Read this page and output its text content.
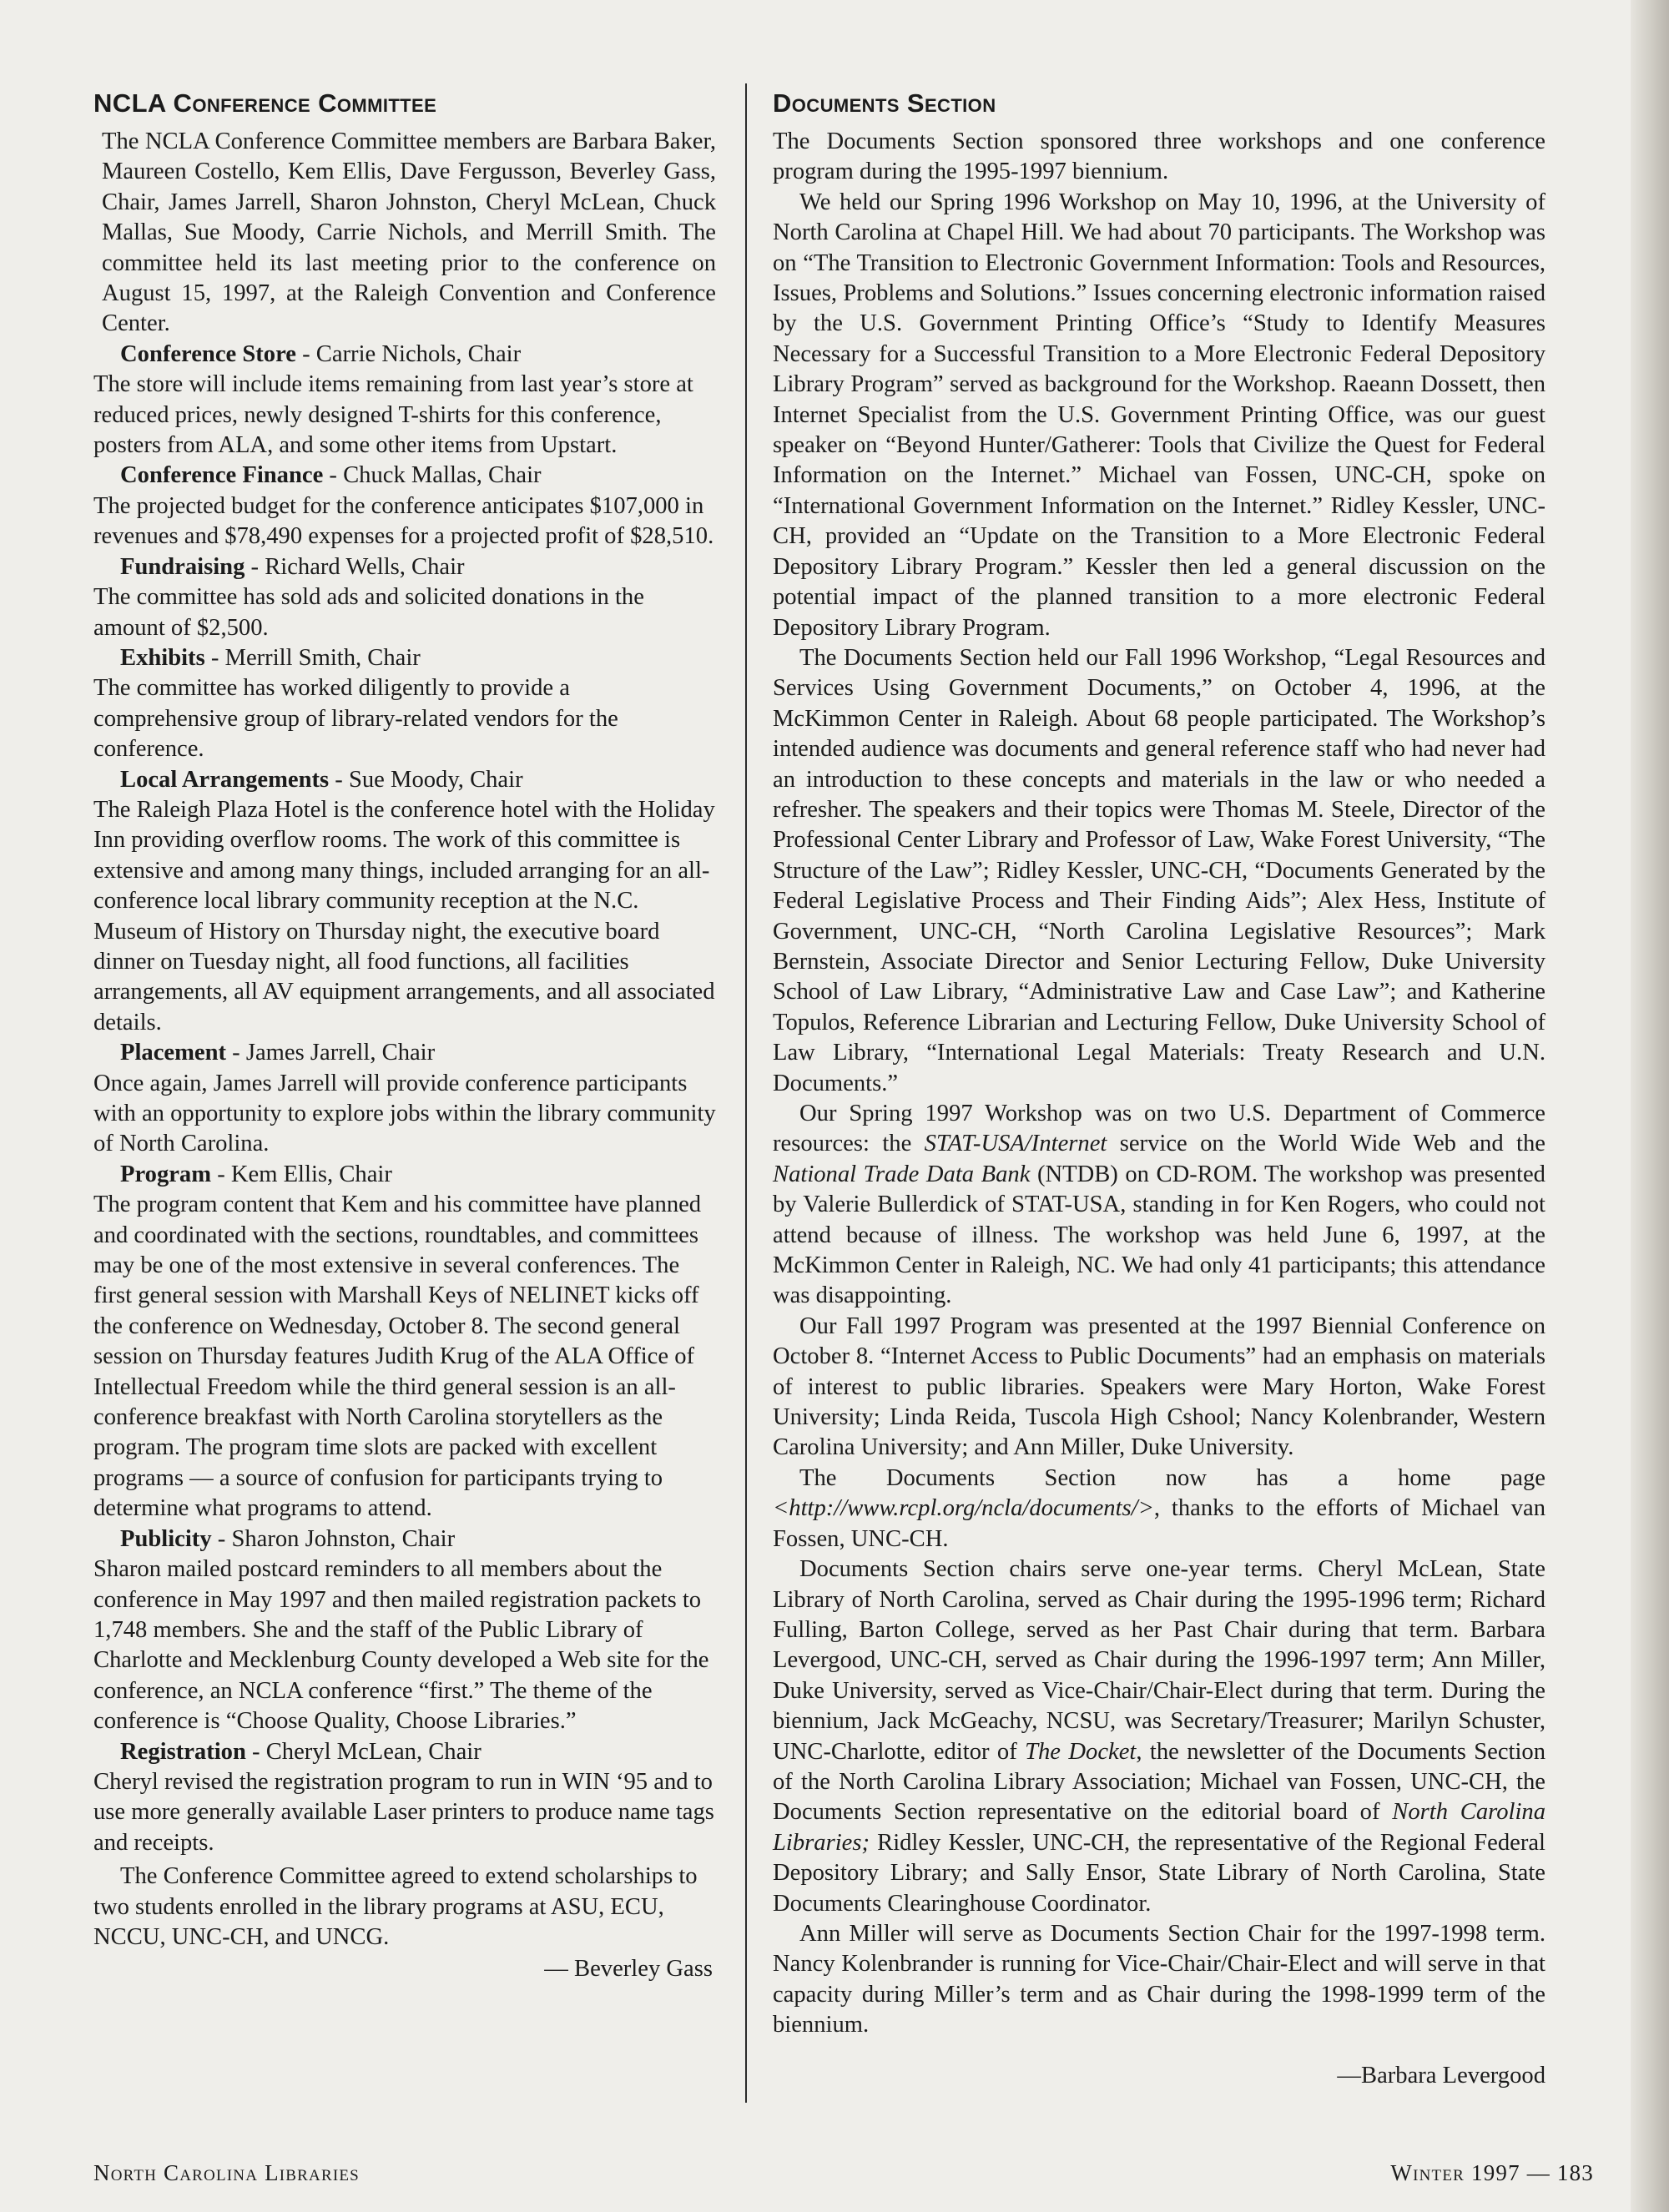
NCLA Conference Committee

The NCLA Conference Committee members are Barbara Baker, Maureen Costello, Kem Ellis, Dave Fergusson, Beverley Gass, Chair, James Jarrell, Sharon Johnston, Cheryl McLean, Chuck Mallas, Sue Moody, Carrie Nichols, and Merrill Smith. The committee held its last meeting prior to the conference on August 15, 1997, at the Raleigh Convention and Conference Center.

Conference Store - Carrie Nichols, Chair

The store will include items remaining from last year’s store at reduced prices, newly designed T-shirts for this conference, posters from ALA, and some other items from Upstart.

Conference Finance - Chuck Mallas, Chair

The projected budget for the conference anticipates $107,000 in revenues and $78,490 expenses for a projected profit of $28,510.

Fundraising - Richard Wells, Chair

The committee has sold ads and solicited donations in the amount of $2,500.

Exhibits - Merrill Smith, Chair

The committee has worked diligently to provide a comprehensive group of library-related vendors for the conference.

Local Arrangements - Sue Moody, Chair

The Raleigh Plaza Hotel is the conference hotel with the Holiday Inn providing overflow rooms. The work of this committee is extensive and among many things, included arranging for an all-conference local library community reception at the N.C. Museum of History on Thursday night, the executive board dinner on Tuesday night, all food functions, all facilities arrangements, all AV equipment arrangements, and all associated details.

Placement - James Jarrell, Chair

Once again, James Jarrell will provide conference participants with an opportunity to explore jobs within the library community of North Carolina.

Program - Kem Ellis, Chair

The program content that Kem and his committee have planned and coordinated with the sections, roundtables, and committees may be one of the most extensive in several conferences. The first general session with Marshall Keys of NELINET kicks off the conference on Wednesday, October 8. The second general session on Thursday features Judith Krug of the ALA Office of Intellectual Freedom while the third general session is an all-conference breakfast with North Carolina storytellers as the program. The program time slots are packed with excellent programs — a source of confusion for participants trying to determine what programs to attend.

Publicity - Sharon Johnston, Chair

Sharon mailed postcard reminders to all members about the conference in May 1997 and then mailed registration packets to 1,748 members. She and the staff of the Public Library of Charlotte and Mecklenburg County developed a Web site for the conference, an NCLA conference “first.” The theme of the conference is “Choose Quality, Choose Libraries.”

Registration - Cheryl McLean, Chair

Cheryl revised the registration program to run in WIN ‘95 and to use more generally available Laser printers to produce name tags and receipts.

The Conference Committee agreed to extend scholarships to two students enrolled in the library programs at ASU, ECU, NCCU, UNC-CH, and UNCG.

— Beverley Gass

Documents Section

The Documents Section sponsored three workshops and one conference program during the 1995-1997 biennium.

We held our Spring 1996 Workshop on May 10, 1996, at the University of North Carolina at Chapel Hill. We had about 70 participants. The Workshop was on “The Transition to Electronic Government Information: Tools and Resources, Issues, Problems and Solutions.” Issues concerning electronic information raised by the U.S. Government Printing Office’s “Study to Identify Measures Necessary for a Successful Transition to a More Electronic Federal Depository Library Program” served as background for the Workshop. Raeann Dossett, then Internet Specialist from the U.S. Government Printing Office, was our guest speaker on “Beyond Hunter/Gatherer: Tools that Civilize the Quest for Federal Information on the Internet.” Michael van Fossen, UNC-CH, spoke on “International Government Information on the Internet.” Ridley Kessler, UNC-CH, provided an “Update on the Transition to a More Electronic Federal Depository Library Program.” Kessler then led a general discussion on the potential impact of the planned transition to a more electronic Federal Depository Library Program.

The Documents Section held our Fall 1996 Workshop, “Legal Resources and Services Using Government Documents,” on October 4, 1996, at the McKimmon Center in Raleigh. About 68 people participated. The Workshop’s intended audience was documents and general reference staff who had never had an introduction to these concepts and materials in the law or who needed a refresher. The speakers and their topics were Thomas M. Steele, Director of the Professional Center Library and Professor of Law, Wake Forest University, “The Structure of the Law”; Ridley Kessler, UNC-CH, “Documents Generated by the Federal Legislative Process and Their Finding Aids”; Alex Hess, Institute of Government, UNC-CH, “North Carolina Legislative Resources”; Mark Bernstein, Associate Director and Senior Lecturing Fellow, Duke University School of Law Library, “Administrative Law and Case Law”; and Katherine Topulos, Reference Librarian and Lecturing Fellow, Duke University School of Law Library, “International Legal Materials: Treaty Research and U.N. Documents.”

Our Spring 1997 Workshop was on two U.S. Department of Commerce resources: the STAT-USA/Internet service on the World Wide Web and the National Trade Data Bank (NTDB) on CD-ROM. The workshop was presented by Valerie Bullerdick of STAT-USA, standing in for Ken Rogers, who could not attend because of illness. The workshop was held June 6, 1997, at the McKimmon Center in Raleigh, NC. We had only 41 participants; this attendance was disappointing.

Our Fall 1997 Program was presented at the 1997 Biennial Conference on October 8. “Internet Access to Public Documents” had an emphasis on materials of interest to public libraries. Speakers were Mary Horton, Wake Forest University; Linda Reida, Tuscola High Cshool; Nancy Kolenbrander, Western Carolina University; and Ann Miller, Duke University.

The Documents Section now has a home page <http://www.rcpl.org/ncla/documents/>, thanks to the efforts of Michael van Fossen, UNC-CH.

Documents Section chairs serve one-year terms. Cheryl McLean, State Library of North Carolina, served as Chair during the 1995-1996 term; Richard Fulling, Barton College, served as her Past Chair during that term. Barbara Levergood, UNC-CH, served as Chair during the 1996-1997 term; Ann Miller, Duke University, served as Vice-Chair/Chair-Elect during that term. During the biennium, Jack McGeachy, NCSU, was Secretary/Treasurer; Marilyn Schuster, UNC-Charlotte, editor of The Docket, the newsletter of the Documents Section of the North Carolina Library Association; Michael van Fossen, UNC-CH, the Documents Section representative on the editorial board of North Carolina Libraries; Ridley Kessler, UNC-CH, the representative of the Regional Federal Depository Library; and Sally Ensor, State Library of North Carolina, State Documents Clearinghouse Coordinator.

Ann Miller will serve as Documents Section Chair for the 1997-1998 term. Nancy Kolenbrander is running for Vice-Chair/Chair-Elect and will serve in that capacity during Miller’s term and as Chair during the 1998-1999 term of the biennium.

—Barbara Levergood

North Carolina Libraries	Winter 1997 — 183
